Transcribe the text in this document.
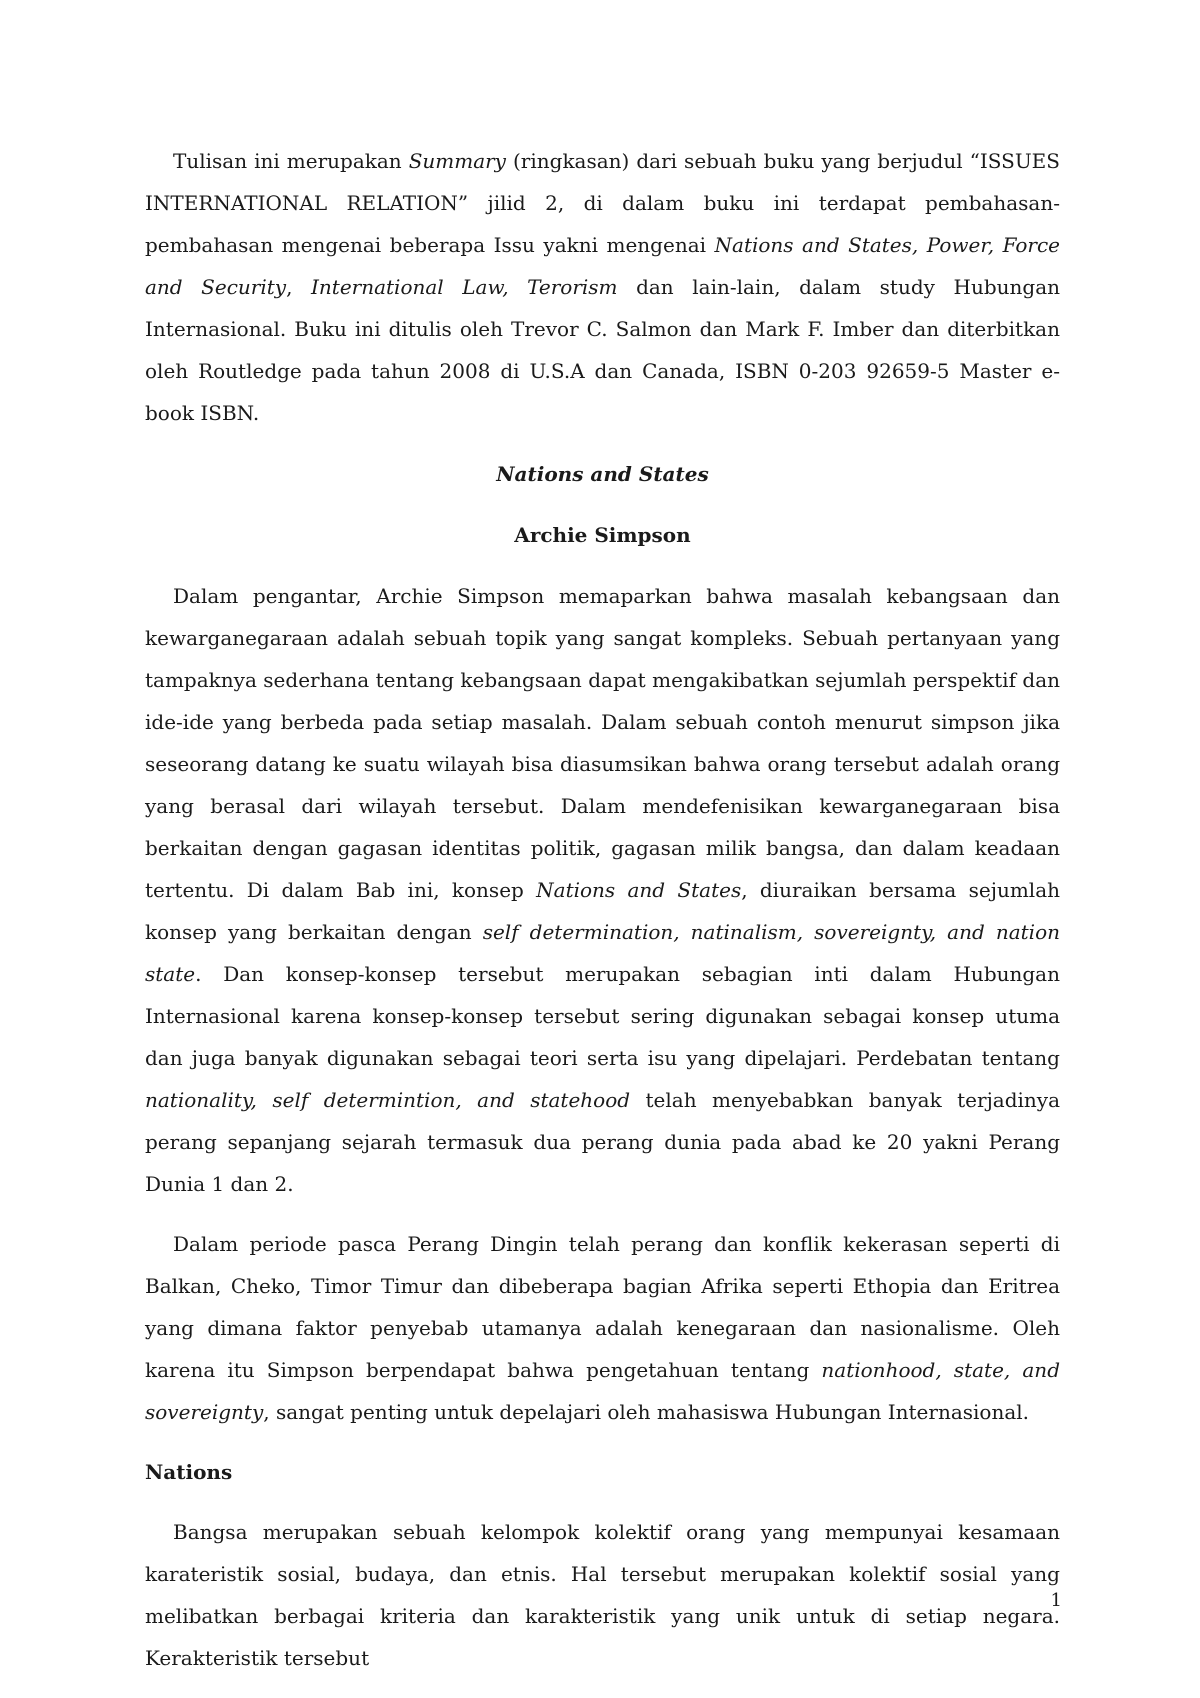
Tulisan ini merupakan Summary (ringkasan) dari sebuah buku yang berjudul “ISSUES INTERNATIONAL RELATION” jilid 2, di dalam buku ini terdapat pembahasan-pembahasan mengenai beberapa Issu yakni mengenai Nations and States, Power, Force and Security, International Law, Terorism dan lain-lain, dalam study Hubungan Internasional. Buku ini ditulis oleh Trevor C. Salmon dan Mark F. Imber dan diterbitkan oleh Routledge pada tahun 2008 di U.S.A dan Canada, ISBN 0-203 92659-5 Master e-book ISBN.

Nations and States
Archie Simpson

Dalam pengantar, Archie Simpson memaparkan bahwa masalah kebangsaan dan kewarganegaraan adalah sebuah topik yang sangat kompleks. Sebuah pertanyaan yang tampaknya sederhana tentang kebangsaan dapat mengakibatkan sejumlah perspektif dan ide-ide yang berbeda pada setiap masalah. Dalam sebuah contoh menurut simpson jika seseorang datang ke suatu wilayah bisa diasumsikan bahwa orang tersebut adalah orang yang berasal dari wilayah tersebut. Dalam mendefenisikan kewarganegaraan bisa berkaitan dengan gagasan identitas politik, gagasan milik bangsa, dan dalam keadaan tertentu. Di dalam Bab ini, konsep Nations and States, diuraikan bersama sejumlah konsep yang berkaitan dengan self determination, natinalism, sovereignty, and nation state. Dan konsep-konsep tersebut merupakan sebagian inti dalam Hubungan Internasional karena konsep-konsep tersebut sering digunakan sebagai konsep utuma dan juga banyak digunakan sebagai teori serta isu yang dipelajari. Perdebatan tentang nationality, self determintion, and statehood telah menyebabkan banyak terjadinya perang sepanjang sejarah termasuk dua perang dunia pada abad ke 20 yakni Perang Dunia 1 dan 2.

Dalam periode pasca Perang Dingin telah perang dan konflik kekerasan seperti di Balkan, Cheko, Timor Timur dan dibeberapa bagian Afrika seperti Ethopia dan Eritrea yang dimana faktor penyebab utamanya adalah kenegaraan dan nasionalisme. Oleh karena itu Simpson berpendapat bahwa pengetahuan tentang nationhood, state, and sovereignty, sangat penting untuk depelajari oleh mahasiswa Hubungan Internasional.

Nations

Bangsa merupakan sebuah kelompok kolektif orang yang mempunyai kesamaan karateristik sosial, budaya, dan etnis. Hal tersebut merupakan kolektif sosial yang melibatkan berbagai kriteria dan karakteristik yang unik untuk di setiap negara. Kerakteristik tersebut

1
